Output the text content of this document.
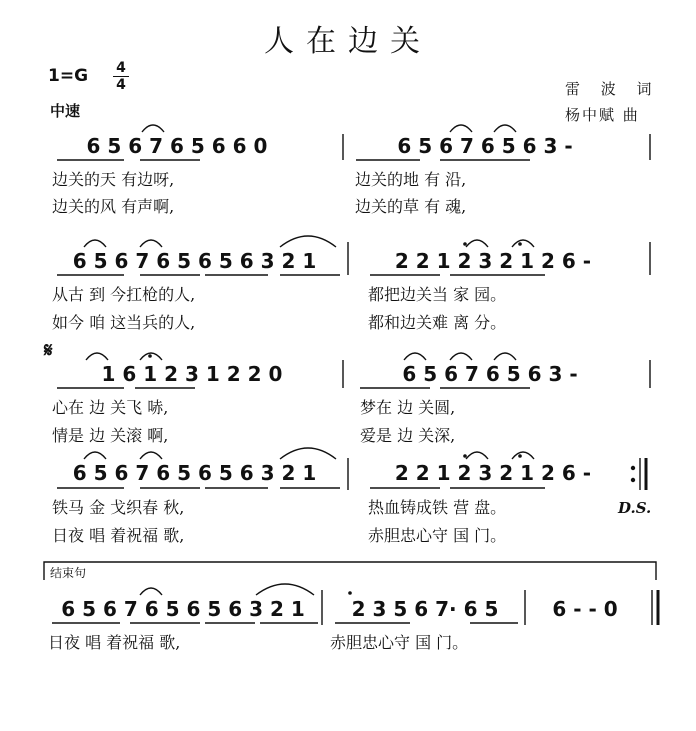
人在边关
1=G 4
4
中速
雷 波 词
杨中赋 曲
6 5 6 7 6 5 6 6 0	6 5 6 7 6 5 6 3 -
边关的天 有边呀,	边关的地 有 沿,
边关的风 有声啊,	边关的草 有 魂,
6 5 6 7 6 5 6 5 6 3 2 1	2 2 1 2 3 2 1 2 6 -
从古 到 今扛枪的人,	都把边关当 家 园。
如今 咱 这当兵的人,	都和边关难 离 分。
𝄋
1 6 1 2 3 1 2 2 0	6 5 6 7 6 5 6 3 -
心在 边 关飞 哧,	梦在 边 关圆,
情是 边 关滚 啊,	爱是 边 关深,
6 5 6 7 6 5 6 5 6 3 2 1	2 2 1 2 3 2 1 2 6 -
铁马 金 戈织春 秋,	热血铸成铁 营 盘。
日夜 唱 着祝福 歌,	赤胆忠心守 国 门。
D.S.
结束句
6 5 6 7 6 5 6 5 6 3 2 1	2 3 5 6 7· 6 5	6 - - 0
日夜 唱 着祝福 歌,	赤胆忠心守 国 门。
